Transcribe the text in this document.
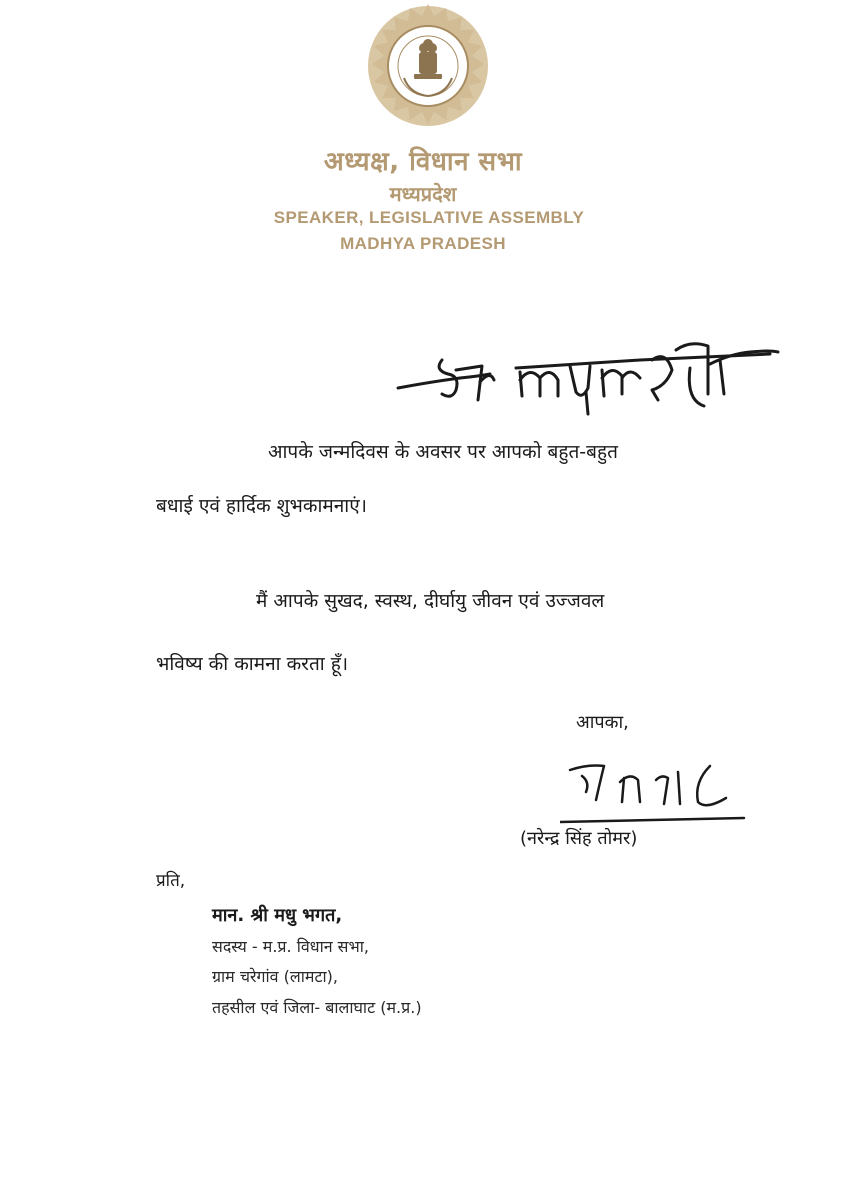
अध्यक्ष, विधान सभा
मध्यप्रदेश
SPEAKER, LEGISLATIVE ASSEMBLY
MADHYA PRADESH
आपके जन्मदिवस के अवसर पर आपको बहुत-बहुत
बधाई एवं हार्दिक शुभकामनाएं।
मैं आपके सुखद, स्वस्थ, दीर्घायु जीवन एवं उज्जवल
भविष्य की कामना करता हूँ।
आपका,
(नरेन्द्र सिंह तोमर)
प्रति,
मान. श्री मधु भगत,
सदस्य - म.प्र. विधान सभा,
ग्राम चरेगांव (लामटा),
तहसील एवं जिला- बालाघाट (म.प्र.)
